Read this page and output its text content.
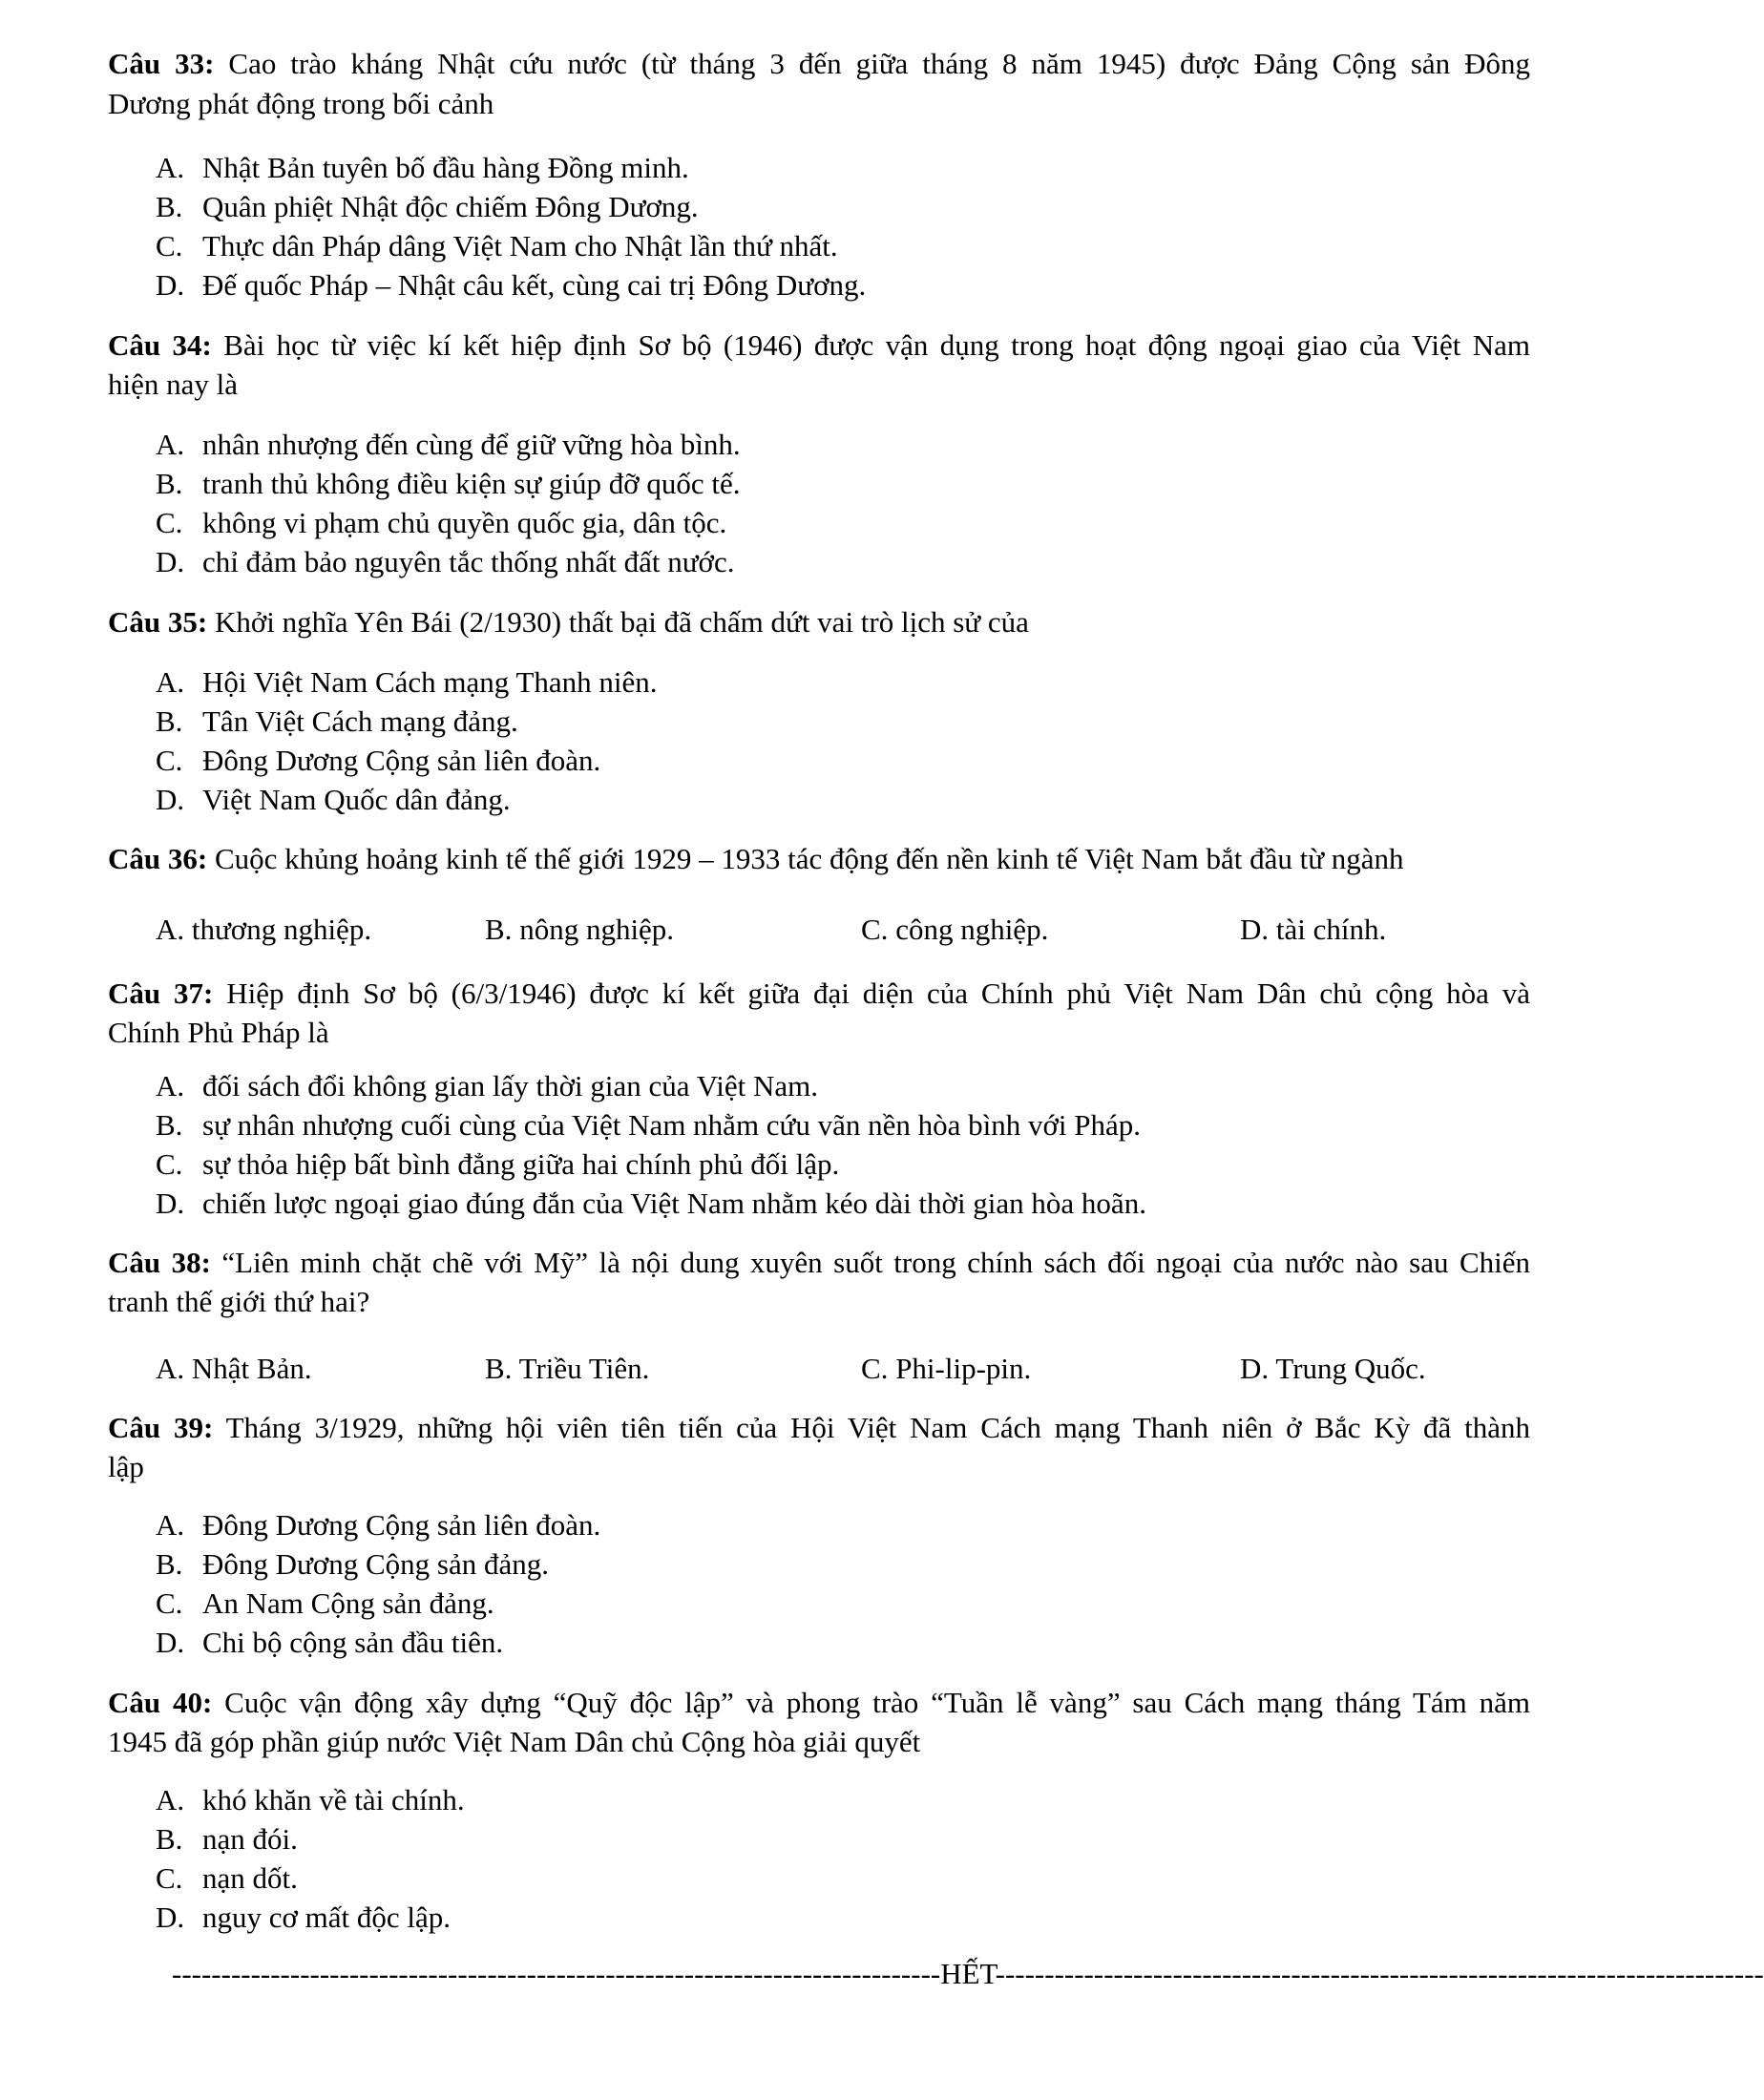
Câu 33: Cao trào kháng Nhật cứu nước (từ tháng 3 đến giữa tháng 8 năm 1945) được Đảng Cộng sản Đông
Dương phát động trong bối cảnh
A. Nhật Bản tuyên bố đầu hàng Đồng minh.
B. Quân phiệt Nhật độc chiếm Đông Dương.
C. Thực dân Pháp dâng Việt Nam cho Nhật lần thứ nhất.
D. Đế quốc Pháp – Nhật câu kết, cùng cai trị Đông Dương.
Câu 34: Bài học từ việc kí kết hiệp định Sơ bộ (1946) được vận dụng trong hoạt động ngoại giao của Việt Nam
hiện nay là
A. nhân nhượng đến cùng để giữ vững hòa bình.
B. tranh thủ không điều kiện sự giúp đỡ quốc tế.
C. không vi phạm chủ quyền quốc gia, dân tộc.
D. chỉ đảm bảo nguyên tắc thống nhất đất nước.
Câu 35: Khởi nghĩa Yên Bái (2/1930) thất bại đã chấm dứt vai trò lịch sử của
A. Hội Việt Nam Cách mạng Thanh niên.
B. Tân Việt Cách mạng đảng.
C. Đông Dương Cộng sản liên đoàn.
D. Việt Nam Quốc dân đảng.
Câu 36: Cuộc khủng hoảng kinh tế thế giới 1929 – 1933 tác động đến nền kinh tế Việt Nam bắt đầu từ ngành
A. thương nghiệp.	B. nông nghiệp.	C. công nghiệp.	D. tài chính.
Câu 37: Hiệp định Sơ bộ (6/3/1946) được kí kết giữa đại diện của Chính phủ Việt Nam Dân chủ cộng hòa và
Chính Phủ Pháp là
A. đối sách đổi không gian lấy thời gian của Việt Nam.
B. sự nhân nhượng cuối cùng của Việt Nam nhằm cứu vãn nền hòa bình với Pháp.
C. sự thỏa hiệp bất bình đẳng giữa hai chính phủ đối lập.
D. chiến lược ngoại giao đúng đắn của Việt Nam nhằm kéo dài thời gian hòa hoãn.
Câu 38: “Liên minh chặt chẽ với Mỹ” là nội dung xuyên suốt trong chính sách đối ngoại của nước nào sau Chiến
tranh thế giới thứ hai?
A. Nhật Bản.	B. Triều Tiên.	C. Phi-lip-pin.	D. Trung Quốc.
Câu 39: Tháng 3/1929, những hội viên tiên tiến của Hội Việt Nam Cách mạng Thanh niên ở Bắc Kỳ đã thành
lập
A. Đông Dương Cộng sản liên đoàn.
B. Đông Dương Cộng sản đảng.
C. An Nam Cộng sản đảng.
D. Chi bộ cộng sản đầu tiên.
Câu 40: Cuộc vận động xây dựng “Quỹ độc lập” và phong trào “Tuần lễ vàng” sau Cách mạng tháng Tám năm
1945 đã góp phần giúp nước Việt Nam Dân chủ Cộng hòa giải quyết
A. khó khăn về tài chính.
B. nạn đói.
C. nạn dốt.
D. nguy cơ mất độc lập.
------------------------------------------------------------------------------HẾT------------------------------------------------------------------------------
